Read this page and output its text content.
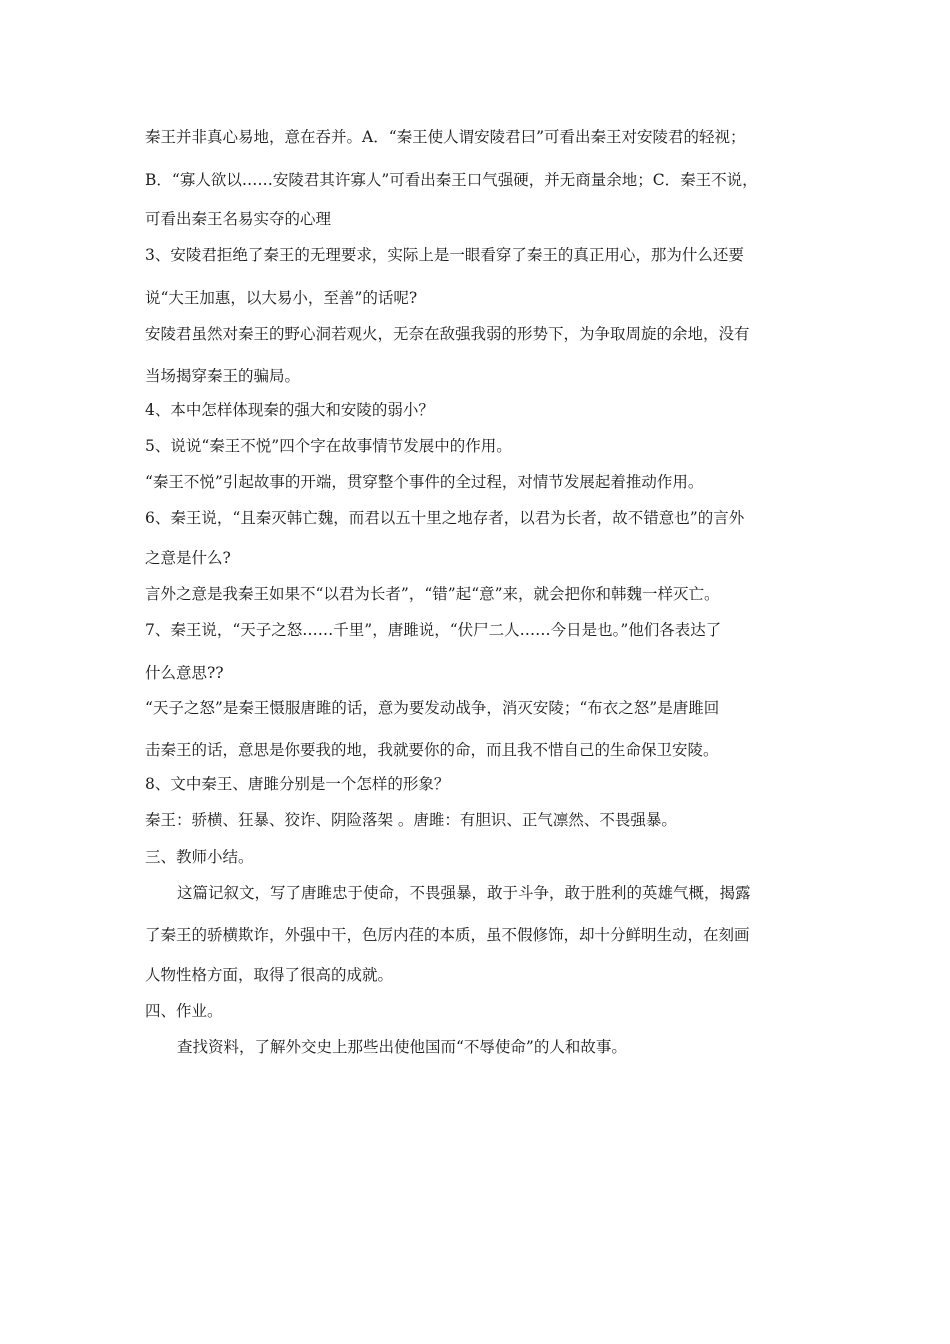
秦王并非真心易地，意在吞并。A．“秦王使人谓安陵君曰”可看出秦王对安陵君的轻视；
B．“寡人欲以……安陵君其许寡人”可看出秦王口气强硬，并无商量余地；C．秦王不说，
可看出秦王名易实夺的心理
3、安陵君拒绝了秦王的无理要求，实际上是一眼看穿了秦王的真正用心，那为什么还要
说“大王加惠，以大易小，至善”的话呢?
安陵君虽然对秦王的野心洞若观火，无奈在敌强我弱的形势下，为争取周旋的余地，没有
当场揭穿秦王的骗局。
4、本中怎样体现秦的强大和安陵的弱小？
5、说说“秦王不悦”四个字在故事情节发展中的作用。
“秦王不悦”引起故事的开端，贯穿整个事件的全过程，对情节发展起着推动作用。
6、秦王说，“且秦灭韩亡魏，而君以五十里之地存者，以君为长者，故不错意也”的言外
之意是什么?
言外之意是我秦王如果不“以君为长者”，“错”起“意”来，就会把你和韩魏一样灭亡。
7、秦王说，“天子之怒……千里”，唐雎说，“伏尸二人……今日是也。”他们各表达了
什么意思??
“天子之怒”是秦王慑服唐雎的话，意为要发动战争，消灭安陵；“布衣之怒”是唐雎回
击秦王的话，意思是你要我的地，我就要你的命，而且我不惜自己的生命保卫安陵。
8、文中秦王、唐雎分别是一个怎样的形象？
秦王：骄横、狂暴、狡诈、阴险落架 。唐雎：有胆识、正气凛然、不畏强暴。
三、教师小结。
这篇记叙文，写了唐雎忠于使命，不畏强暴，敢于斗争，敢于胜利的英雄气概，揭露
了秦王的骄横欺诈，外强中干，色厉内荏的本质，虽不假修饰，却十分鲜明生动，在刻画
人物性格方面，取得了很高的成就。
四、作业。
查找资料，了解外交史上那些出使他国而“不辱使命”的人和故事。
